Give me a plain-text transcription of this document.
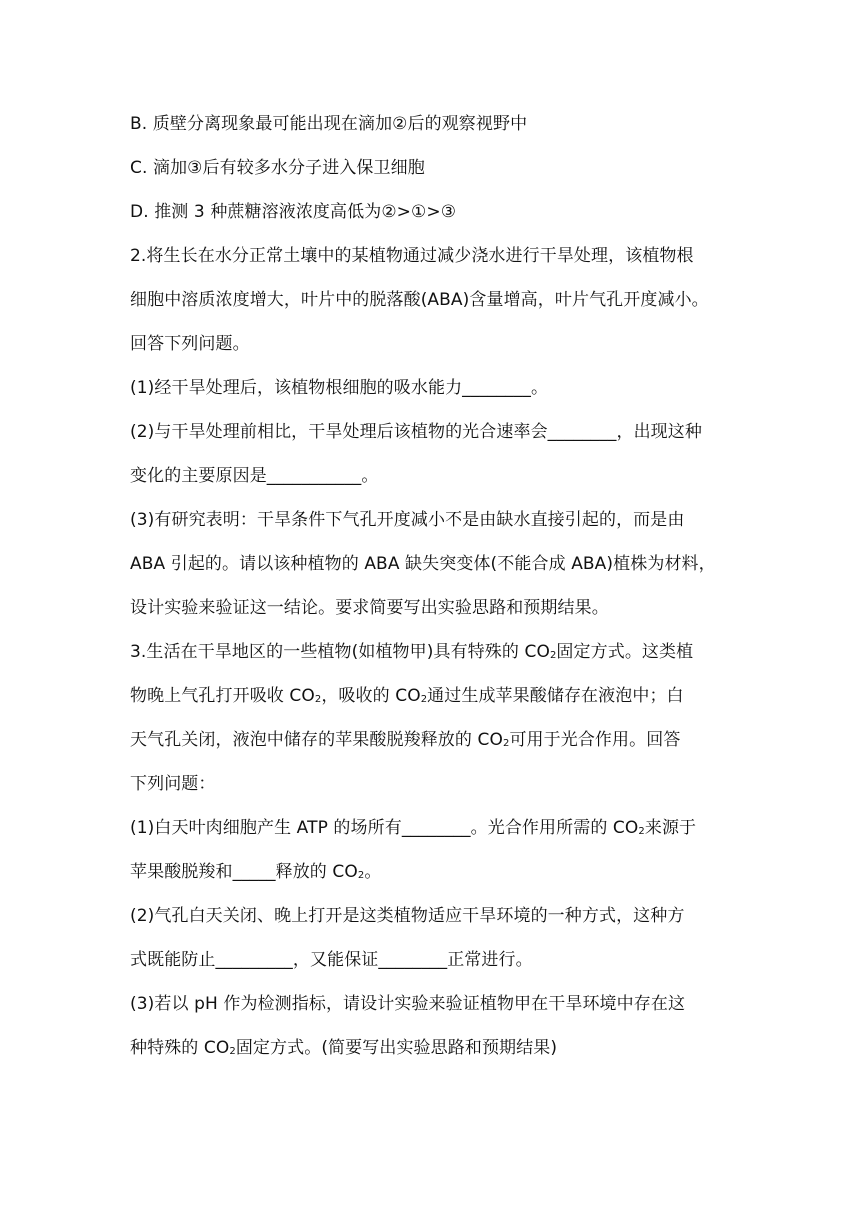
B. 质壁分离现象最可能出现在滴加②后的观察视野中
C. 滴加③后有较多水分子进入保卫细胞
D. 推测 3 种蔗糖溶液浓度高低为②>①>③
2.将生长在水分正常土壤中的某植物通过减少浇水进行干旱处理，该植物根
细胞中溶质浓度增大，叶片中的脱落酸(ABA)含量增高，叶片气孔开度减小。
回答下列问题。
(1)经干旱处理后，该植物根细胞的吸水能力________。
(2)与干旱处理前相比，干旱处理后该植物的光合速率会________，出现这种
变化的主要原因是___________。
(3)有研究表明：干旱条件下气孔开度减小不是由缺水直接引起的，而是由
ABA 引起的。请以该种植物的 ABA 缺失突变体(不能合成 ABA)植株为材料，
设计实验来验证这一结论。要求简要写出实验思路和预期结果。
3.生活在干旱地区的一些植物(如植物甲)具有特殊的 $CO_2$固定方式。这类植
物晚上气孔打开吸收 $CO_2$，吸收的 $CO_2$通过生成苹果酸储存在液泡中；白
天气孔关闭，液泡中储存的苹果酸脱羧释放的 $CO_2$可用于光合作用。回答
下列问题：
(1)白天叶肉细胞产生 ATP 的场所有________。光合作用所需的 $CO_2$来源于
苹果酸脱羧和_____释放的 $CO_2$。
(2)气孔白天关闭、晚上打开是这类植物适应干旱环境的一种方式，这种方
式既能防止_________，又能保证________正常进行。
(3)若以 pH 作为检测指标，请设计实验来验证植物甲在干旱环境中存在这
种特殊的 $CO_2$固定方式。(简要写出实验思路和预期结果)
